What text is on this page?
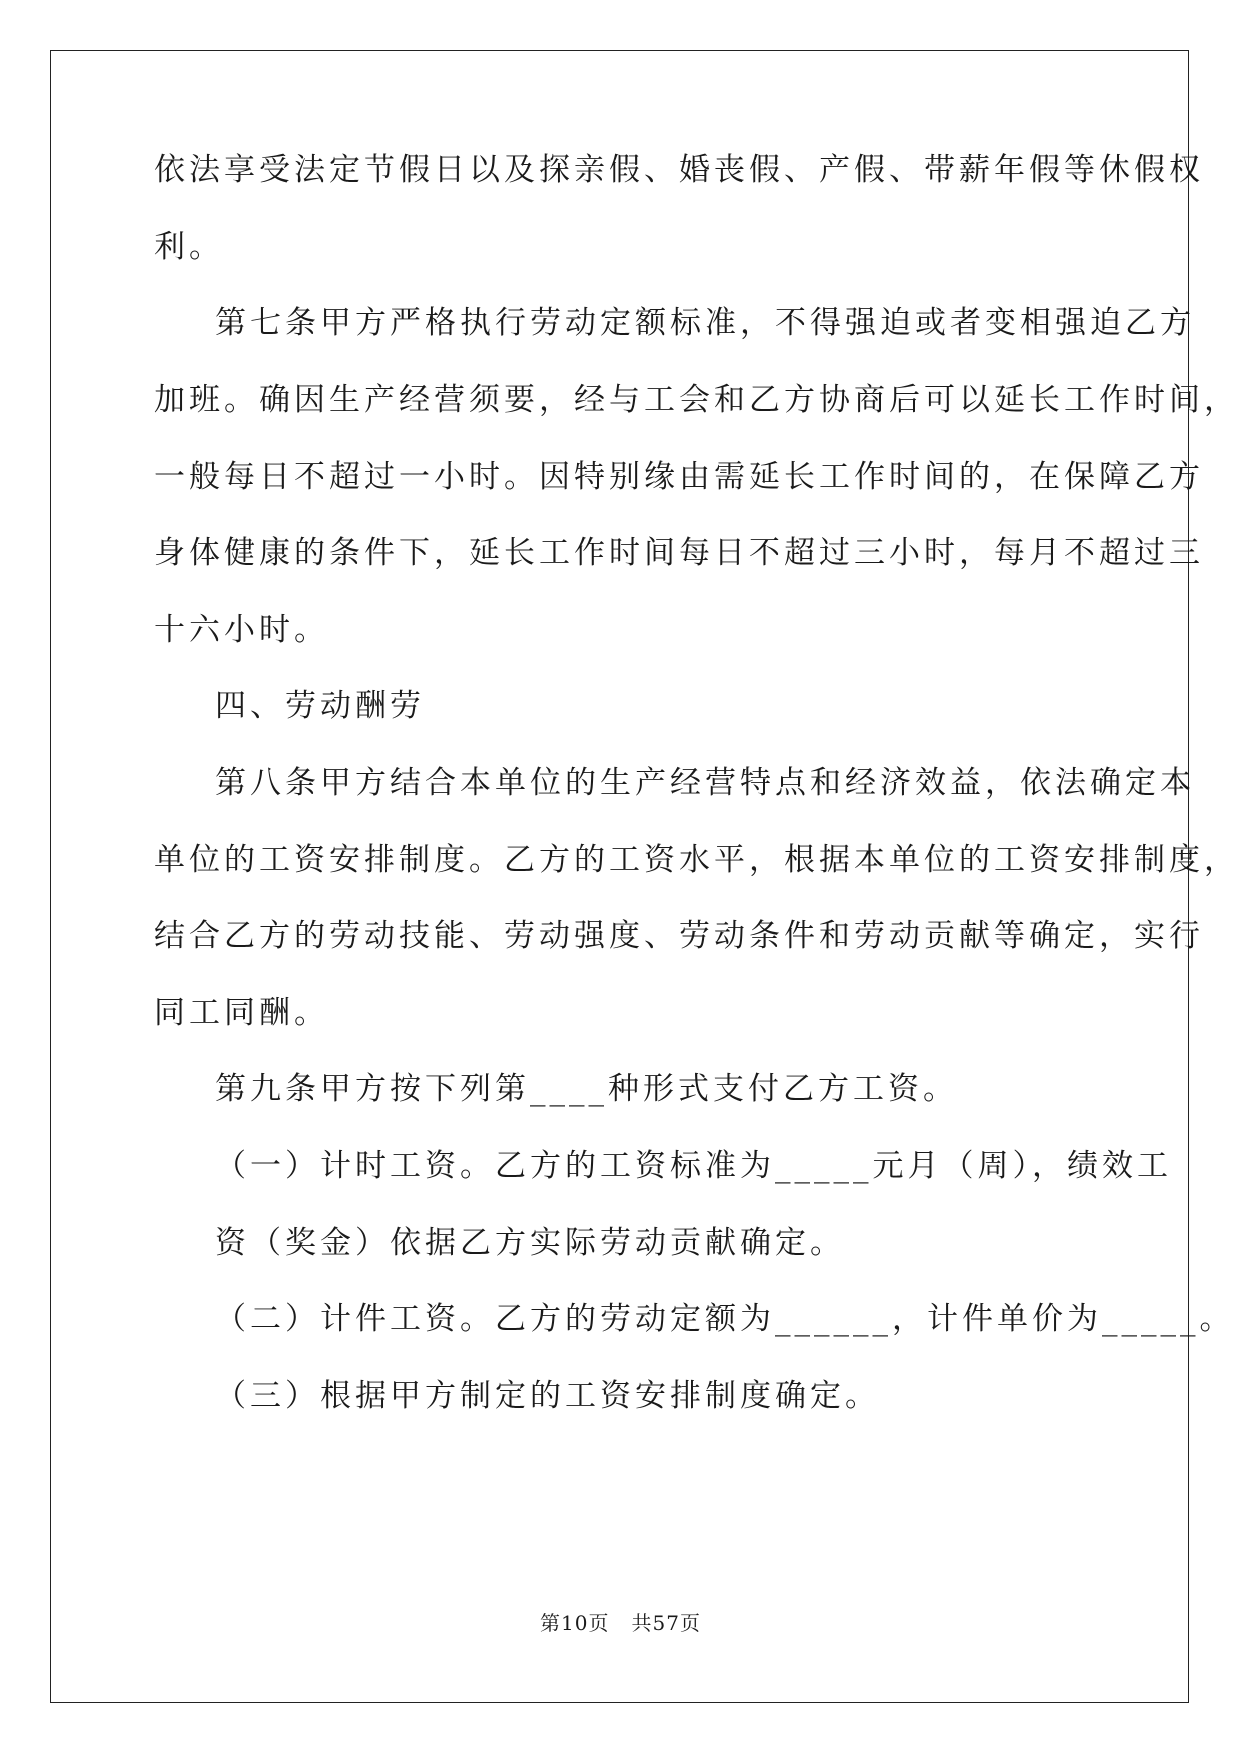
依法享受法定节假日以及探亲假、婚丧假、产假、带薪年假等休假权
利。
第七条甲方严格执行劳动定额标准，不得强迫或者变相强迫乙方
加班。确因生产经营须要，经与工会和乙方协商后可以延长工作时间，
一般每日不超过一小时。因特别缘由需延长工作时间的，在保障乙方
身体健康的条件下，延长工作时间每日不超过三小时，每月不超过三
十六小时。
四、劳动酬劳
第八条甲方结合本单位的生产经营特点和经济效益，依法确定本
单位的工资安排制度。乙方的工资水平，根据本单位的工资安排制度，
结合乙方的劳动技能、劳动强度、劳动条件和劳动贡献等确定，实行
同工同酬。
第九条甲方按下列第____种形式支付乙方工资。
（一）计时工资。乙方的工资标准为_____元月（周），绩效工
资（奖金）依据乙方实际劳动贡献确定。
（二）计件工资。乙方的劳动定额为______，计件单价为_____。
（三）根据甲方制定的工资安排制度确定。
第10页 共57页
